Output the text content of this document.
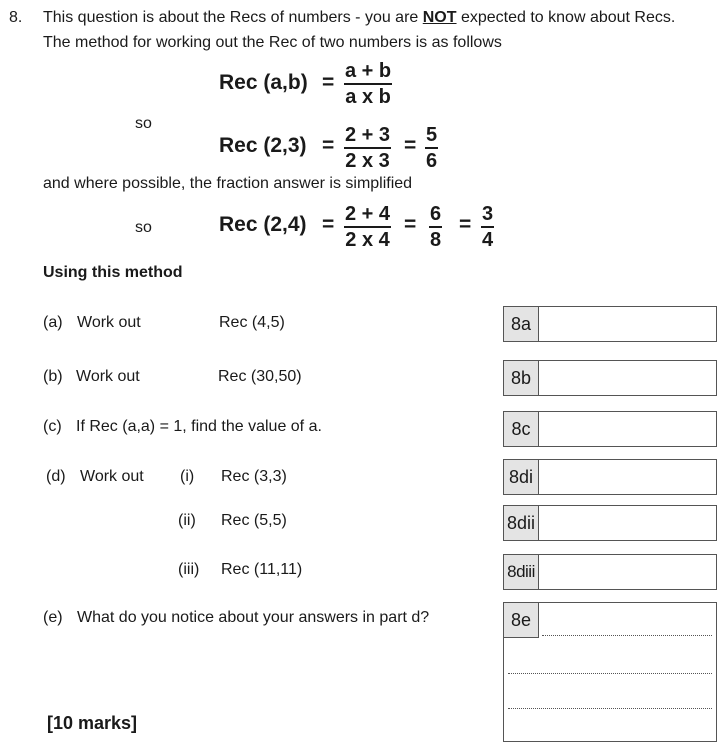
8. This question is about the Recs of numbers - you are NOT expected to know about Recs.
The method for working out the Rec of two numbers is as follows
Rec $(a,b) = \frac{a + b}{\text{a x b}}$
so
Rec $(2,3) = \frac{2 + 3}{2 x 3} = \frac{5}{6}$
and where possible, the fraction answer is simplified
so	Rec $(2,4) = \frac{2 + 4}{2 x 4} = \frac{6}{8} = \frac{3}{4}$
Using this method
(a) Work out	Rec (4,5)	8a
(b) Work out	Rec (30,50)	8b
(c) If Rec (a,a) = 1, find the value of a.	8c
(d) Work out (i) Rec (3,3)	8di
(ii) Rec (5,5)	8dii
(iii) Rec (11,11)	8diii
(e) What do you notice about your answers in part d?	8e
[10 marks]
